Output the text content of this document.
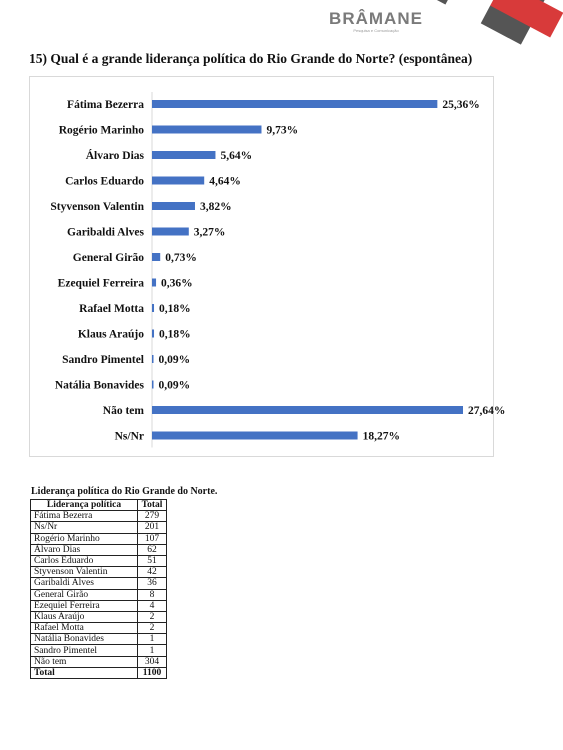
BRÂMANE
Pesquisa e Comunicação
15) Qual é a grande liderança política do Rio Grande do Norte? (espontânea)
Fátima Bezerra	25,36%
Rogério Marinho	9,73%
Álvaro Dias	5,64%
Carlos Eduardo	4,64%
Styvenson Valentin	3,82%
Garibaldi Alves	3,27%
General Girão 0,73%
Ezequiel Ferreira 0,36%
Rafael Motta 0,18%
Klaus Araújo 0,18%
Sandro Pimentel 0,09%
Natália Bonavides 0,09%
Não tem	27,64%
Ns/Nr	18,27%
Liderança política do Rio Grande do Norte.
Liderança política	Total
Fátima Bezerra	279
Ns/Nr	201
Rogério Marinho	107
Álvaro Dias	62
Carlos Eduardo	51
Styvenson Valentin	42
Garibaldi Alves	36
General Girão	8
Ezequiel Ferreira	4
Klaus Araújo	2
Rafael Motta	2
Natália Bonavides	1
Sandro Pimentel	1
Não tem	304
Total	1100
